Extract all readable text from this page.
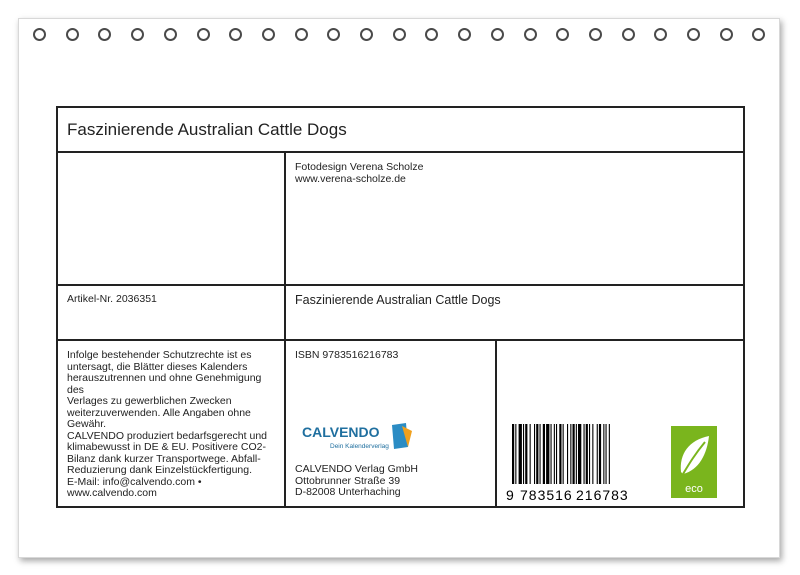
Faszinierende Australian Cattle Dogs
Fotodesign Verena Scholze
www.verena-scholze.de
Artikel-Nr. 2036351	Faszinierende Australian Cattle Dogs
Infolge bestehender Schutzrechte ist es
untersagt, die Blätter dieses Kalenders
herauszutrennen und ohne Genehmigung des
Verlages zu gewerblichen Zwecken
weiterzuverwenden. Alle Angaben ohne
Gewähr.
CALVENDO produziert bedarfsgerecht und
klimabewusst in DE & EU. Positivere CO2-
Bilanz dank kurzer Transportwege. Abfall-
Reduzierung dank Einzelstückfertigung.
E-Mail: info@calvendo.com •
www.calvendo.com
ISBN 9783516216783
CALVENDO
Dein Kalenderverlag
CALVENDO Verlag GmbH
Ottobrunner Straße 39
D-82008 Unterhaching	9 783516 216783	eco
